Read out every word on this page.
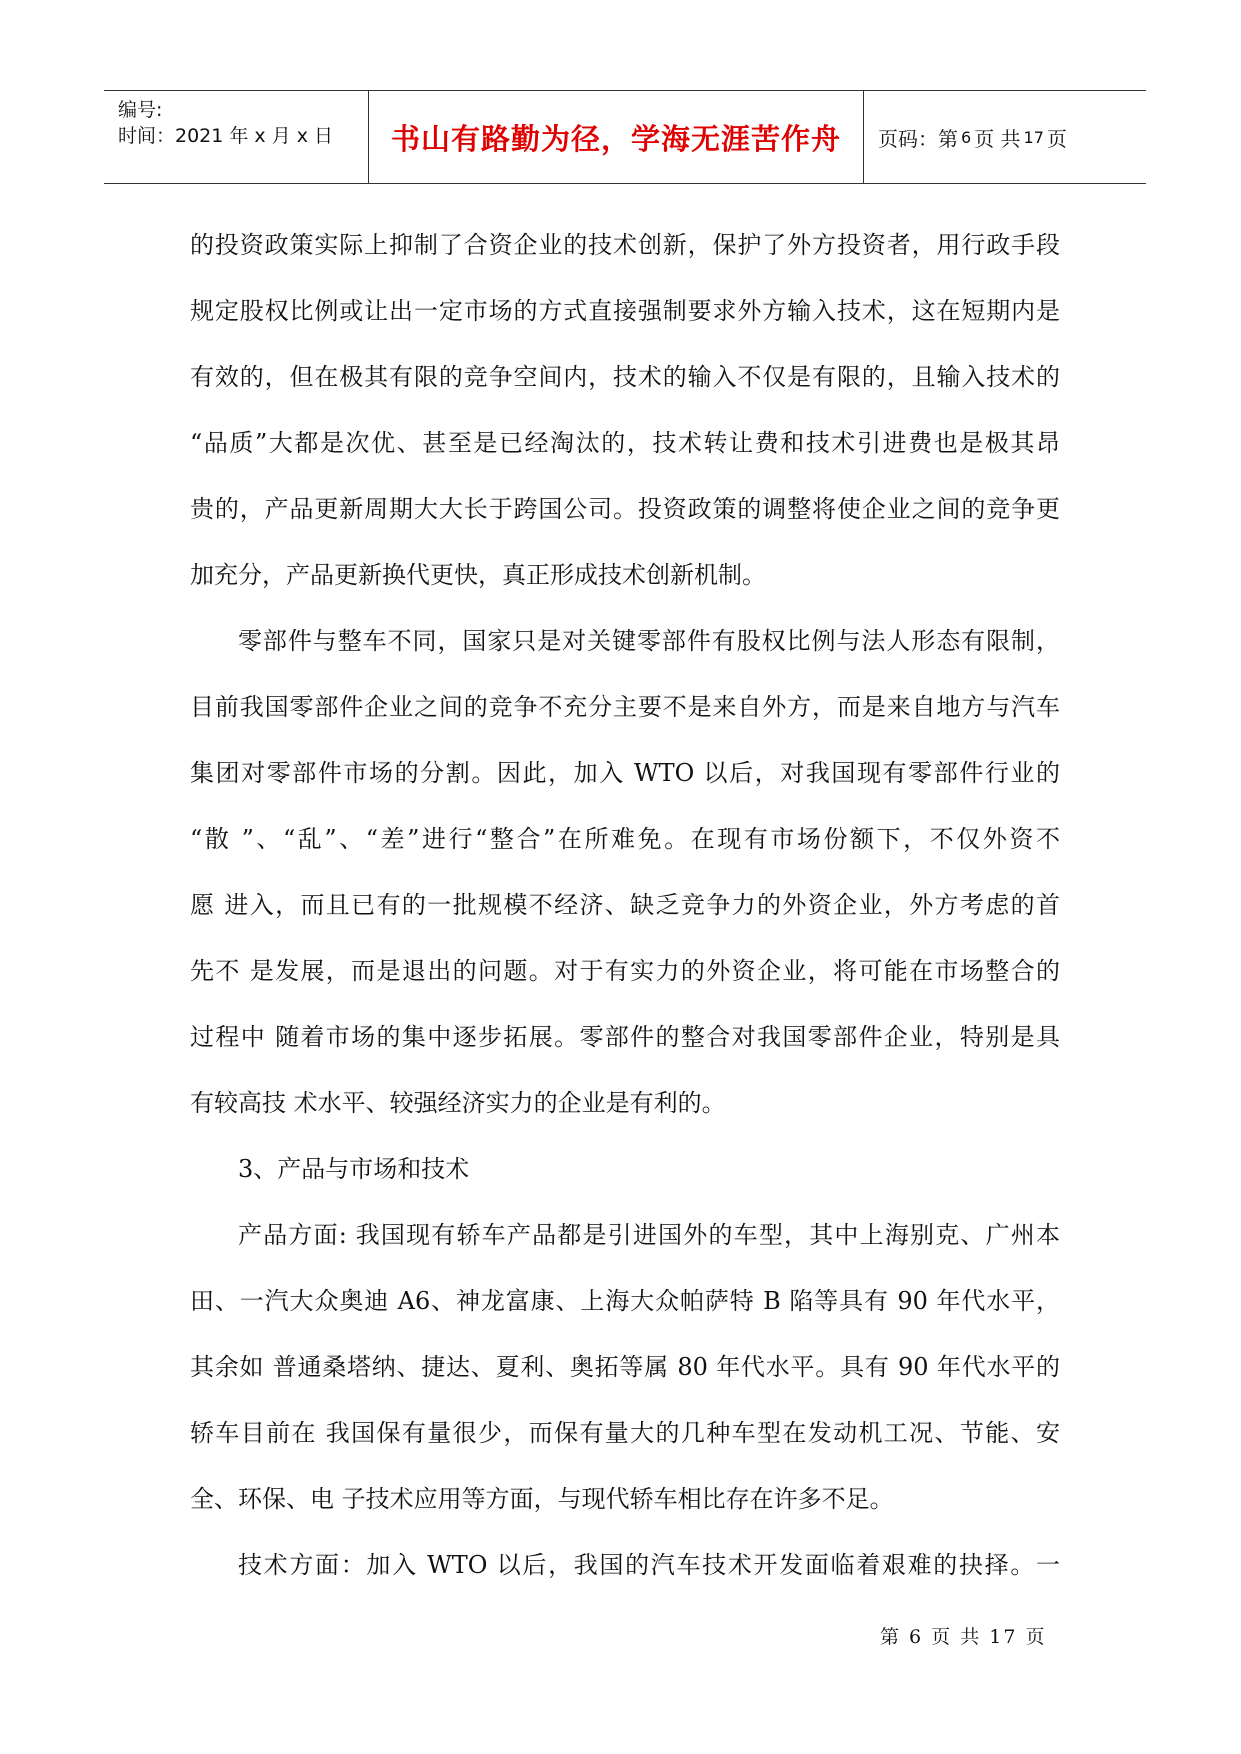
编号:
时间：2021 年 x 月 x 日 书山有路勤为径，学海无涯苦作舟 页码：第 6 页 共 17 页
的投资政策实际上抑制了合资企业的技术创新，保护了外方投资者，用行政手段
规定股权比例或让出一定市场的方式直接强制要求外方输入技术，这在短期内是
有效的，但在极其有限的竞争空间内，技术的输入不仅是有限的，且输入技术的
“品质”大都是次优、甚至是已经淘汰的，技术转让费和技术引进费也是极其昂
贵的，产品更新周期大大长于跨国公司。投资政策的调整将使企业之间的竞争更
加充分，产品更新换代更快，真正形成技术创新机制。
零部件与整车不同，国家只是对关键零部件有股权比例与法人形态有限制，
目前我国零部件企业之间的竞争不充分主要不是来自外方，而是来自地方与汽车
集团对零部件市场的分割。因此，加入 WTO 以后，对我国现有零部件行业的
“散 ”、“乱”、“差”进行“整合”在所难免。在现有市场份额下，不仅外资不
愿 进入，而且已有的一批规模不经济、缺乏竞争力的外资企业，外方考虑的首
先不 是发展，而是退出的问题。对于有实力的外资企业，将可能在市场整合的
过程中 随着市场的集中逐步拓展。零部件的整合对我国零部件企业，特别是具
有较高技 术水平、较强经济实力的企业是有利的。
3、产品与市场和技术
产品方面: 我国现有轿车产品都是引进国外的车型，其中上海别克、广州本
田、一汽大众奥迪 A6、神龙富康、上海大众帕萨特 B 陷等具有 90 年代水平，
其余如 普通桑塔纳、捷达、夏利、奥拓等属 80 年代水平。具有 90 年代水平的
轿车目前在 我国保有量很少，而保有量大的几种车型在发动机工况、节能、安
全、环保、电 子技术应用等方面，与现代轿车相比存在许多不足。
技术方面：加入 WTO 以后，我国的汽车技术开发面临着艰难的抉择。一
第 6 页 共 17 页
